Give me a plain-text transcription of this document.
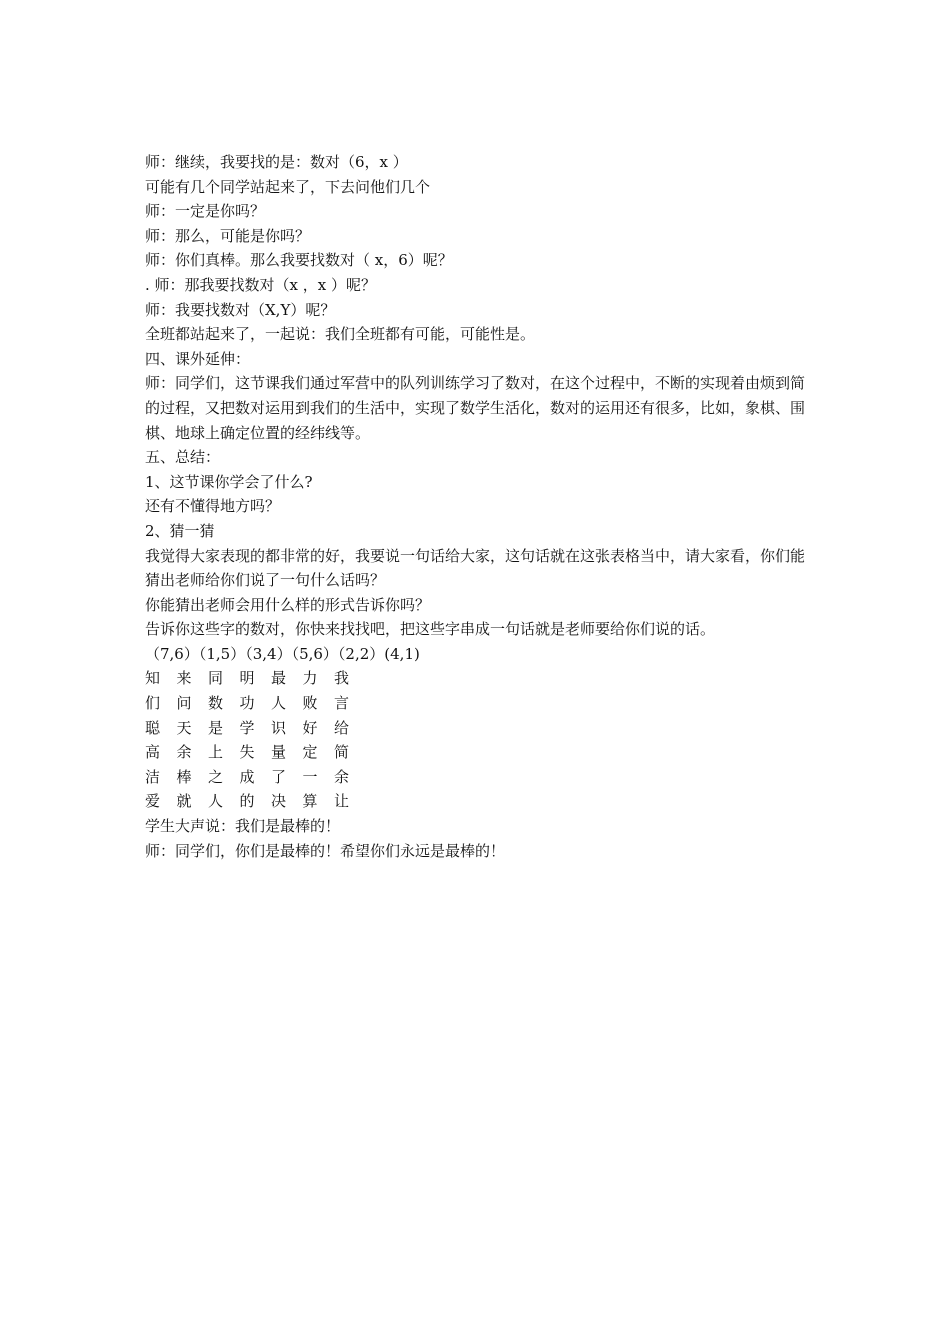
师：继续，我要找的是：数对（6，x ）
可能有几个同学站起来了，下去问他们几个
师：一定是你吗？
师：那么，可能是你吗？
师：你们真棒。那么我要找数对（ x，6）呢？
. 师：那我要找数对（x ，x ）呢？
师：我要找数对（X,Y）呢？
全班都站起来了，一起说：我们全班都有可能，可能性是。
四、课外延伸：
师：同学们，这节课我们通过军营中的队列训练学习了数对，在这个过程中，不断的实现着由烦到简的过程，又把数对运用到我们的生活中，实现了数学生活化，数对的运用还有很多，比如，象棋、围棋、地球上确定位置的经纬线等。
五、总结：
1、这节课你学会了什么?
还有不懂得地方吗？
2、猜一猜
我觉得大家表现的都非常的好，我要说一句话给大家，这句话就在这张表格当中，请大家看，你们能猜出老师给你们说了一句什么话吗？
你能猜出老师会用什么样的形式告诉你吗？
告诉你这些字的数对，你快来找找吧，把这些字串成一句话就是老师要给你们说的话。
（7,6）（1,5）（3,4）（5,6）（2,2）(4,1)
知	来	同	明	最	力	我
们	问	数	功	人	败	言
聪	天	是	学	识	好	给
高	余	上	失	量	定	简
洁	棒	之	成	了	一	余
爱	就	人	的	决	算	让
学生大声说：我们是最棒的！
师：同学们，你们是最棒的！希望你们永远是最棒的！
